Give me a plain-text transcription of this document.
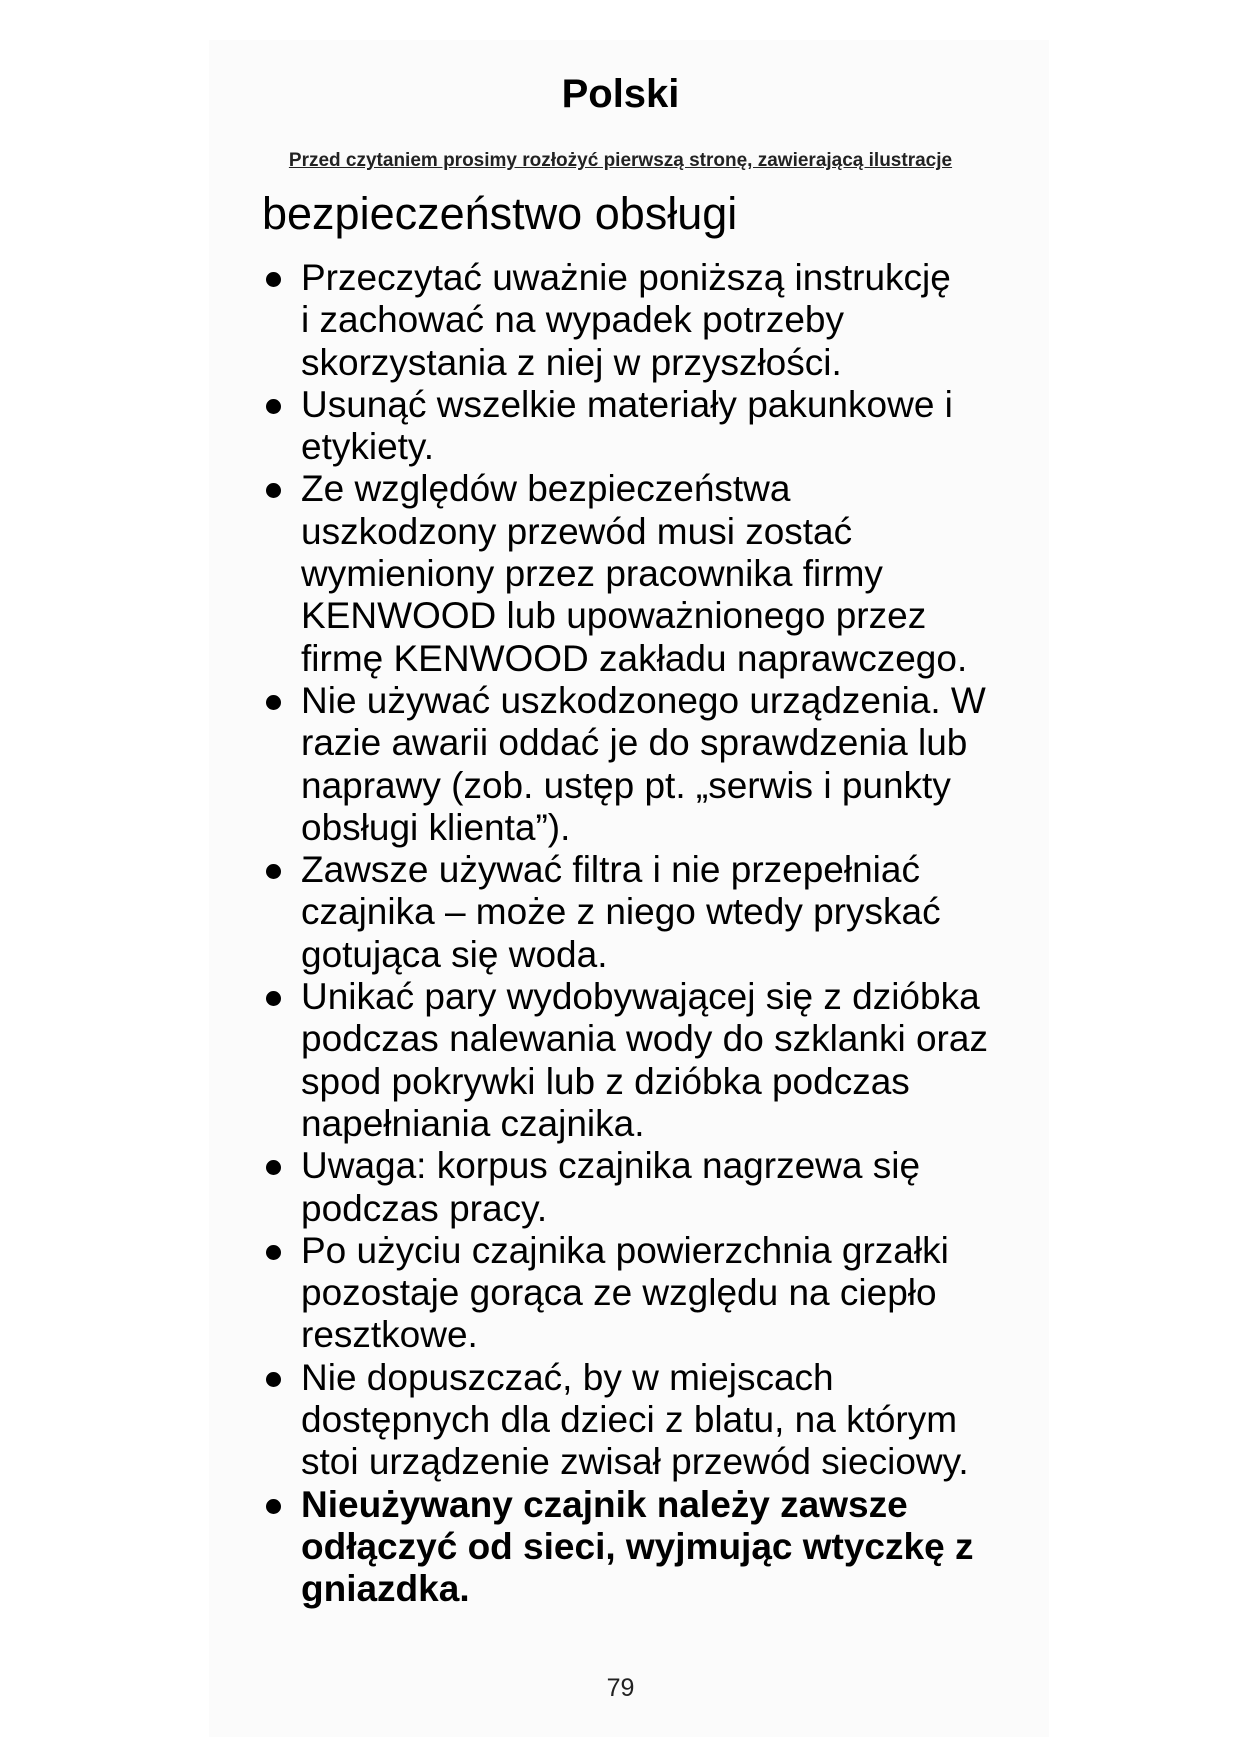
Polski
Przed czytaniem prosimy rozłożyć pierwszą stronę, zawierającą ilustracje
bezpieczeństwo obsługi
Przeczytać uważnie poniższą instrukcję
i zachować na wypadek potrzeby
skorzystania z niej w przyszłości.
Usunąć wszelkie materiały pakunkowe i
etykiety.
Ze względów bezpieczeństwa
uszkodzony przewód musi zostać
wymieniony przez pracownika firmy
KENWOOD lub upoważnionego przez
firmę KENWOOD zakładu naprawczego.
Nie używać uszkodzonego urządzenia. W
razie awarii oddać je do sprawdzenia lub
naprawy (zob. ustęp pt. „serwis i punkty
obsługi klienta”).
Zawsze używać filtra i nie przepełniać
czajnika – może z niego wtedy pryskać
gotująca się woda.
Unikać pary wydobywającej się z dzióbka
podczas nalewania wody do szklanki oraz
spod pokrywki lub z dzióbka podczas
napełniania czajnika.
Uwaga: korpus czajnika nagrzewa się
podczas pracy.
Po użyciu czajnika powierzchnia grzałki
pozostaje gorąca ze względu na ciepło
resztkowe.
Nie dopuszczać, by w miejscach
dostępnych dla dzieci z blatu, na którym
stoi urządzenie zwisał przewód sieciowy.
Nieużywany czajnik należy zawsze
odłączyć od sieci, wyjmując wtyczkę z
gniazdka.
79
